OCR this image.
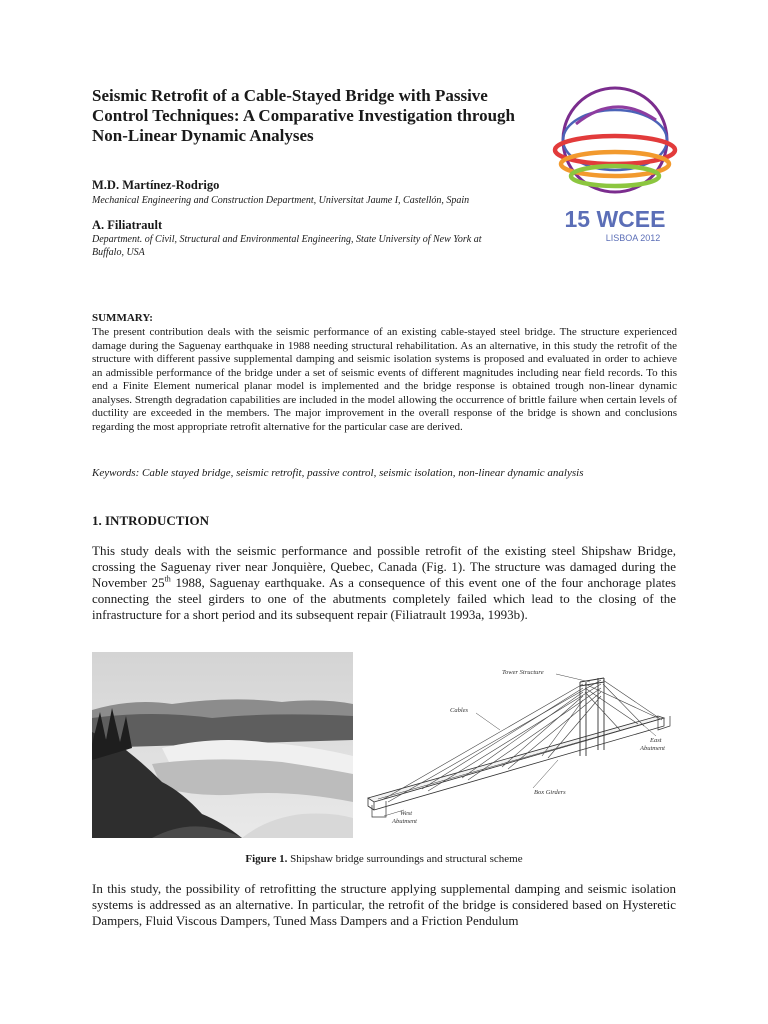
Seismic Retrofit of a Cable-Stayed Bridge with Passive Control Techniques: A Comparative Investigation through Non-Linear Dynamic Analyses

M.D. Martínez-Rodrigo

Mechanical Engineering and Construction Department, Universitat Jaume I, Castellón, Spain

A. Filiatrault

Department. of Civil, Structural and Environmental Engineering, State University of New York at Buffalo, USA

15 WCEE
LISBOA 2012

SUMMARY:

The present contribution deals with the seismic performance of an existing cable-stayed steel bridge. The structure experienced damage during the Saguenay earthquake in 1988 needing structural rehabilitation. As an alternative, in this study the retrofit of the structure with different passive supplemental damping and seismic isolation systems is proposed and evaluated in order to achieve an admissible performance of the bridge under a set of seismic events of different magnitudes including near field records. To this end a Finite Element numerical planar model is implemented and the bridge response is obtained trough non-linear dynamic analyses. Strength degradation capabilities are included in the model allowing the occurrence of brittle failure when certain levels of ductility are exceeded in the members. The major improvement in the overall response of the bridge is shown and conclusions regarding the most appropriate retrofit alternative for the particular case are derived.

Keywords: Cable stayed bridge, seismic retrofit, passive control, seismic isolation, non-linear dynamic analysis

1. INTRODUCTION

This study deals with the seismic performance and possible retrofit of the existing steel Shipshaw Bridge, crossing the Saguenay river near Jonquière, Quebec, Canada (Fig. 1). The structure was damaged during the November 25th 1988, Saguenay earthquake. As a consequence of this event one of the four anchorage plates connecting the steel girders to one of the abutments completely failed which lead to the closing of the infrastructure for a short period and its subsequent repair (Filiatrault 1993a, 1993b).

Tower Structure
Cables
East
Abutment
Box Girders
West
Abutment

Figure 1. Shipshaw bridge surroundings and structural scheme

In this study, the possibility of retrofitting the structure applying supplemental damping and seismic isolation systems is addressed as an alternative. In particular, the retrofit of the bridge is considered based on Hysteretic Dampers, Fluid Viscous Dampers, Tuned Mass Dampers and a Friction Pendulum
